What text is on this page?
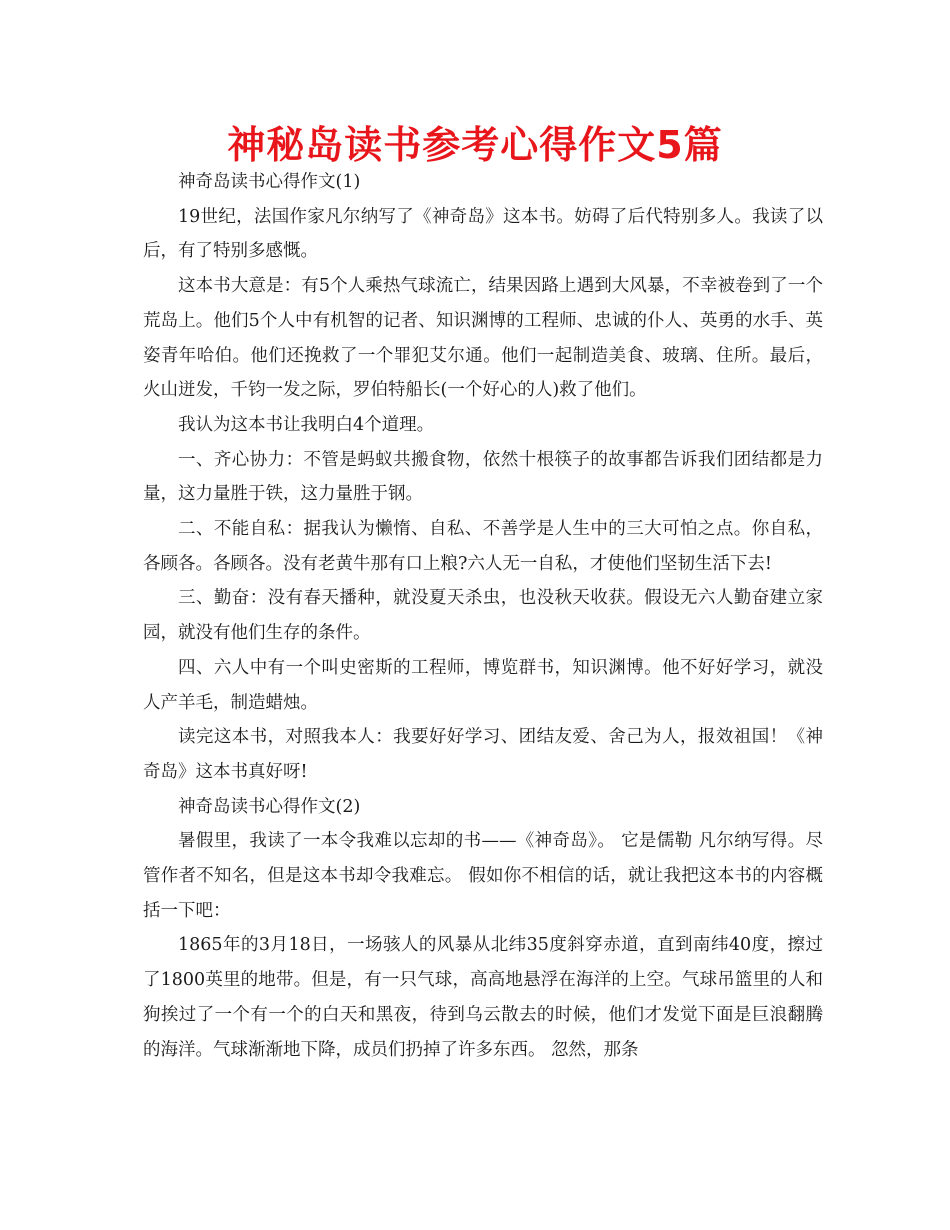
神秘岛读书参考心得作文5篇

神奇岛读书心得作文(1)

19世纪，法国作家凡尔纳写了《神奇岛》这本书。妨碍了后代特别多人。我读了以后，有了特别多感慨。

这本书大意是：有5个人乘热气球流亡，结果因路上遇到大风暴，不幸被卷到了一个荒岛上。他们5个人中有机智的记者、知识渊博的工程师、忠诚的仆人、英勇的水手、英姿青年哈伯。他们还挽救了一个罪犯艾尔通。他们一起制造美食、玻璃、住所。最后，火山迸发，千钧一发之际，罗伯特船长(一个好心的人)救了他们。

我认为这本书让我明白4个道理。

一、齐心协力：不管是蚂蚁共搬食物，依然十根筷子的故事都告诉我们团结都是力量，这力量胜于铁，这力量胜于钢。

二、不能自私：据我认为懒惰、自私、不善学是人生中的三大可怕之点。你自私，各顾各。各顾各。没有老黄牛那有口上粮?六人无一自私，才使他们坚韧生活下去!

三、勤奋：没有春天播种，就没夏天杀虫，也没秋天收获。假设无六人勤奋建立家园，就没有他们生存的条件。

四、六人中有一个叫史密斯的工程师，博览群书，知识渊博。他不好好学习，就没人产羊毛，制造蜡烛。

读完这本书，对照我本人：我要好好学习、团结友爱、舍己为人，报效祖国！《神奇岛》这本书真好呀!

神奇岛读书心得作文(2)

暑假里，我读了一本令我难以忘却的书——《神奇岛》。 它是儒勒 凡尔纳写得。尽管作者不知名，但是这本书却令我难忘。 假如你不相信的话，就让我把这本书的内容概括一下吧：

1865年的3月18日，一场骇人的风暴从北纬35度斜穿赤道，直到南纬40度，擦过了1800英里的地带。但是，有一只气球，高高地悬浮在海洋的上空。气球吊篮里的人和狗挨过了一个有一个的白天和黑夜，待到乌云散去的时候，他们才发觉下面是巨浪翻腾的海洋。气球渐渐地下降，成员们扔掉了许多东西。 忽然，那条
